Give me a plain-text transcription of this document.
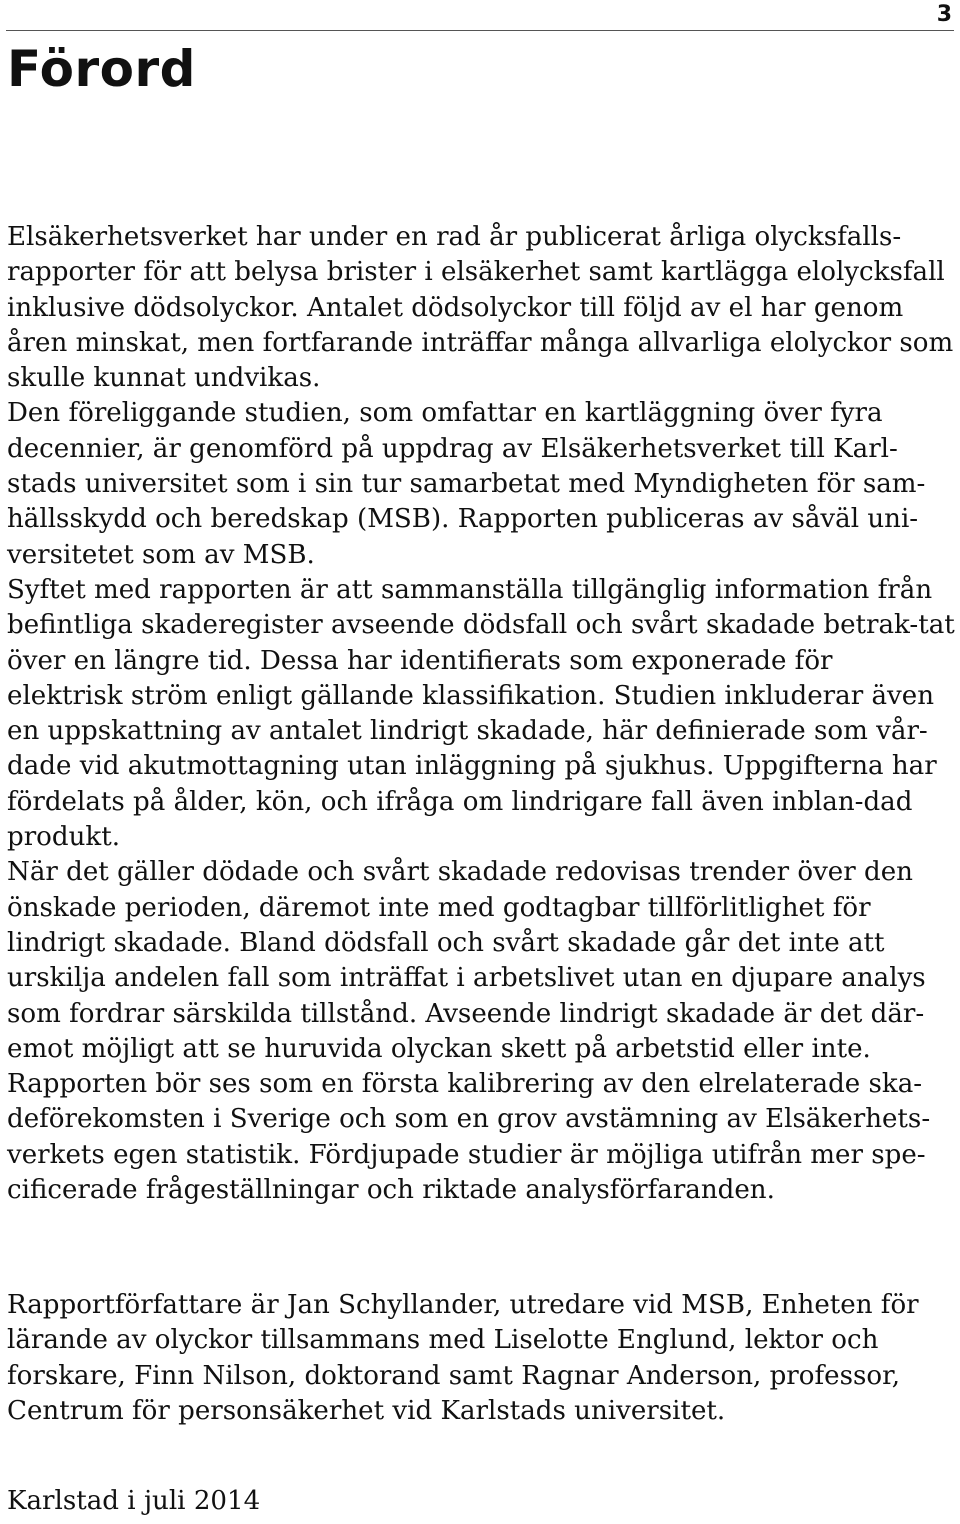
3
Förord

Elsäkerhetsverket har under en rad år publicerat årliga olycksfalls-rapporter för att belysa brister i elsäkerhet samt kartlägga elolycksfall inklusive dödsolyckor. Antalet dödsolyckor till följd av el har genom åren minskat, men fortfarande inträffar många allvarliga elolyckor som skulle kunnat undvikas.

Den föreliggande studien, som omfattar en kartläggning över fyra decennier, är genomförd på uppdrag av Elsäkerhetsverket till Karl-stads universitet som i sin tur samarbetat med Myndigheten för sam-hällsskydd och beredskap (MSB). Rapporten publiceras av såväl uni-versitetet som av MSB.

Syftet med rapporten är att sammanställa tillgänglig information från befintliga skaderegister avseende dödsfall och svårt skadade betrak-tat över en längre tid. Dessa har identifierats som exponerade för elektrisk ström enligt gällande klassifikation. Studien inkluderar även en uppskattning av antalet lindrigt skadade, här definierade som vår-dade vid akutmottagning utan inläggning på sjukhus. Uppgifterna har fördelats på ålder, kön, och ifråga om lindrigare fall även inblan-dad produkt.

När det gäller dödade och svårt skadade redovisas trender över den önskade perioden, däremot inte med godtagbar tillförlitlighet för lindrigt skadade. Bland dödsfall och svårt skadade går det inte att urskilja andelen fall som inträffat i arbetslivet utan en djupare analys som fordrar särskilda tillstånd. Avseende lindrigt skadade är det där-emot möjligt att se huruvida olyckan skett på arbetstid eller inte. Rapporten bör ses som en första kalibrering av den elrelaterade ska-deförekomsten i Sverige och som en grov avstämning av Elsäkerhets-verkets egen statistik. Fördjupade studier är möjliga utifrån mer spe-cificerade frågeställningar och riktade analysförfaranden.

Rapportförfattare är Jan Schyllander, utredare vid MSB, Enheten för lärande av olyckor tillsammans med Liselotte Englund, lektor och forskare, Finn Nilson, doktorand samt Ragnar Anderson, professor, Centrum för personsäkerhet vid Karlstads universitet.

Karlstad i juli 2014
